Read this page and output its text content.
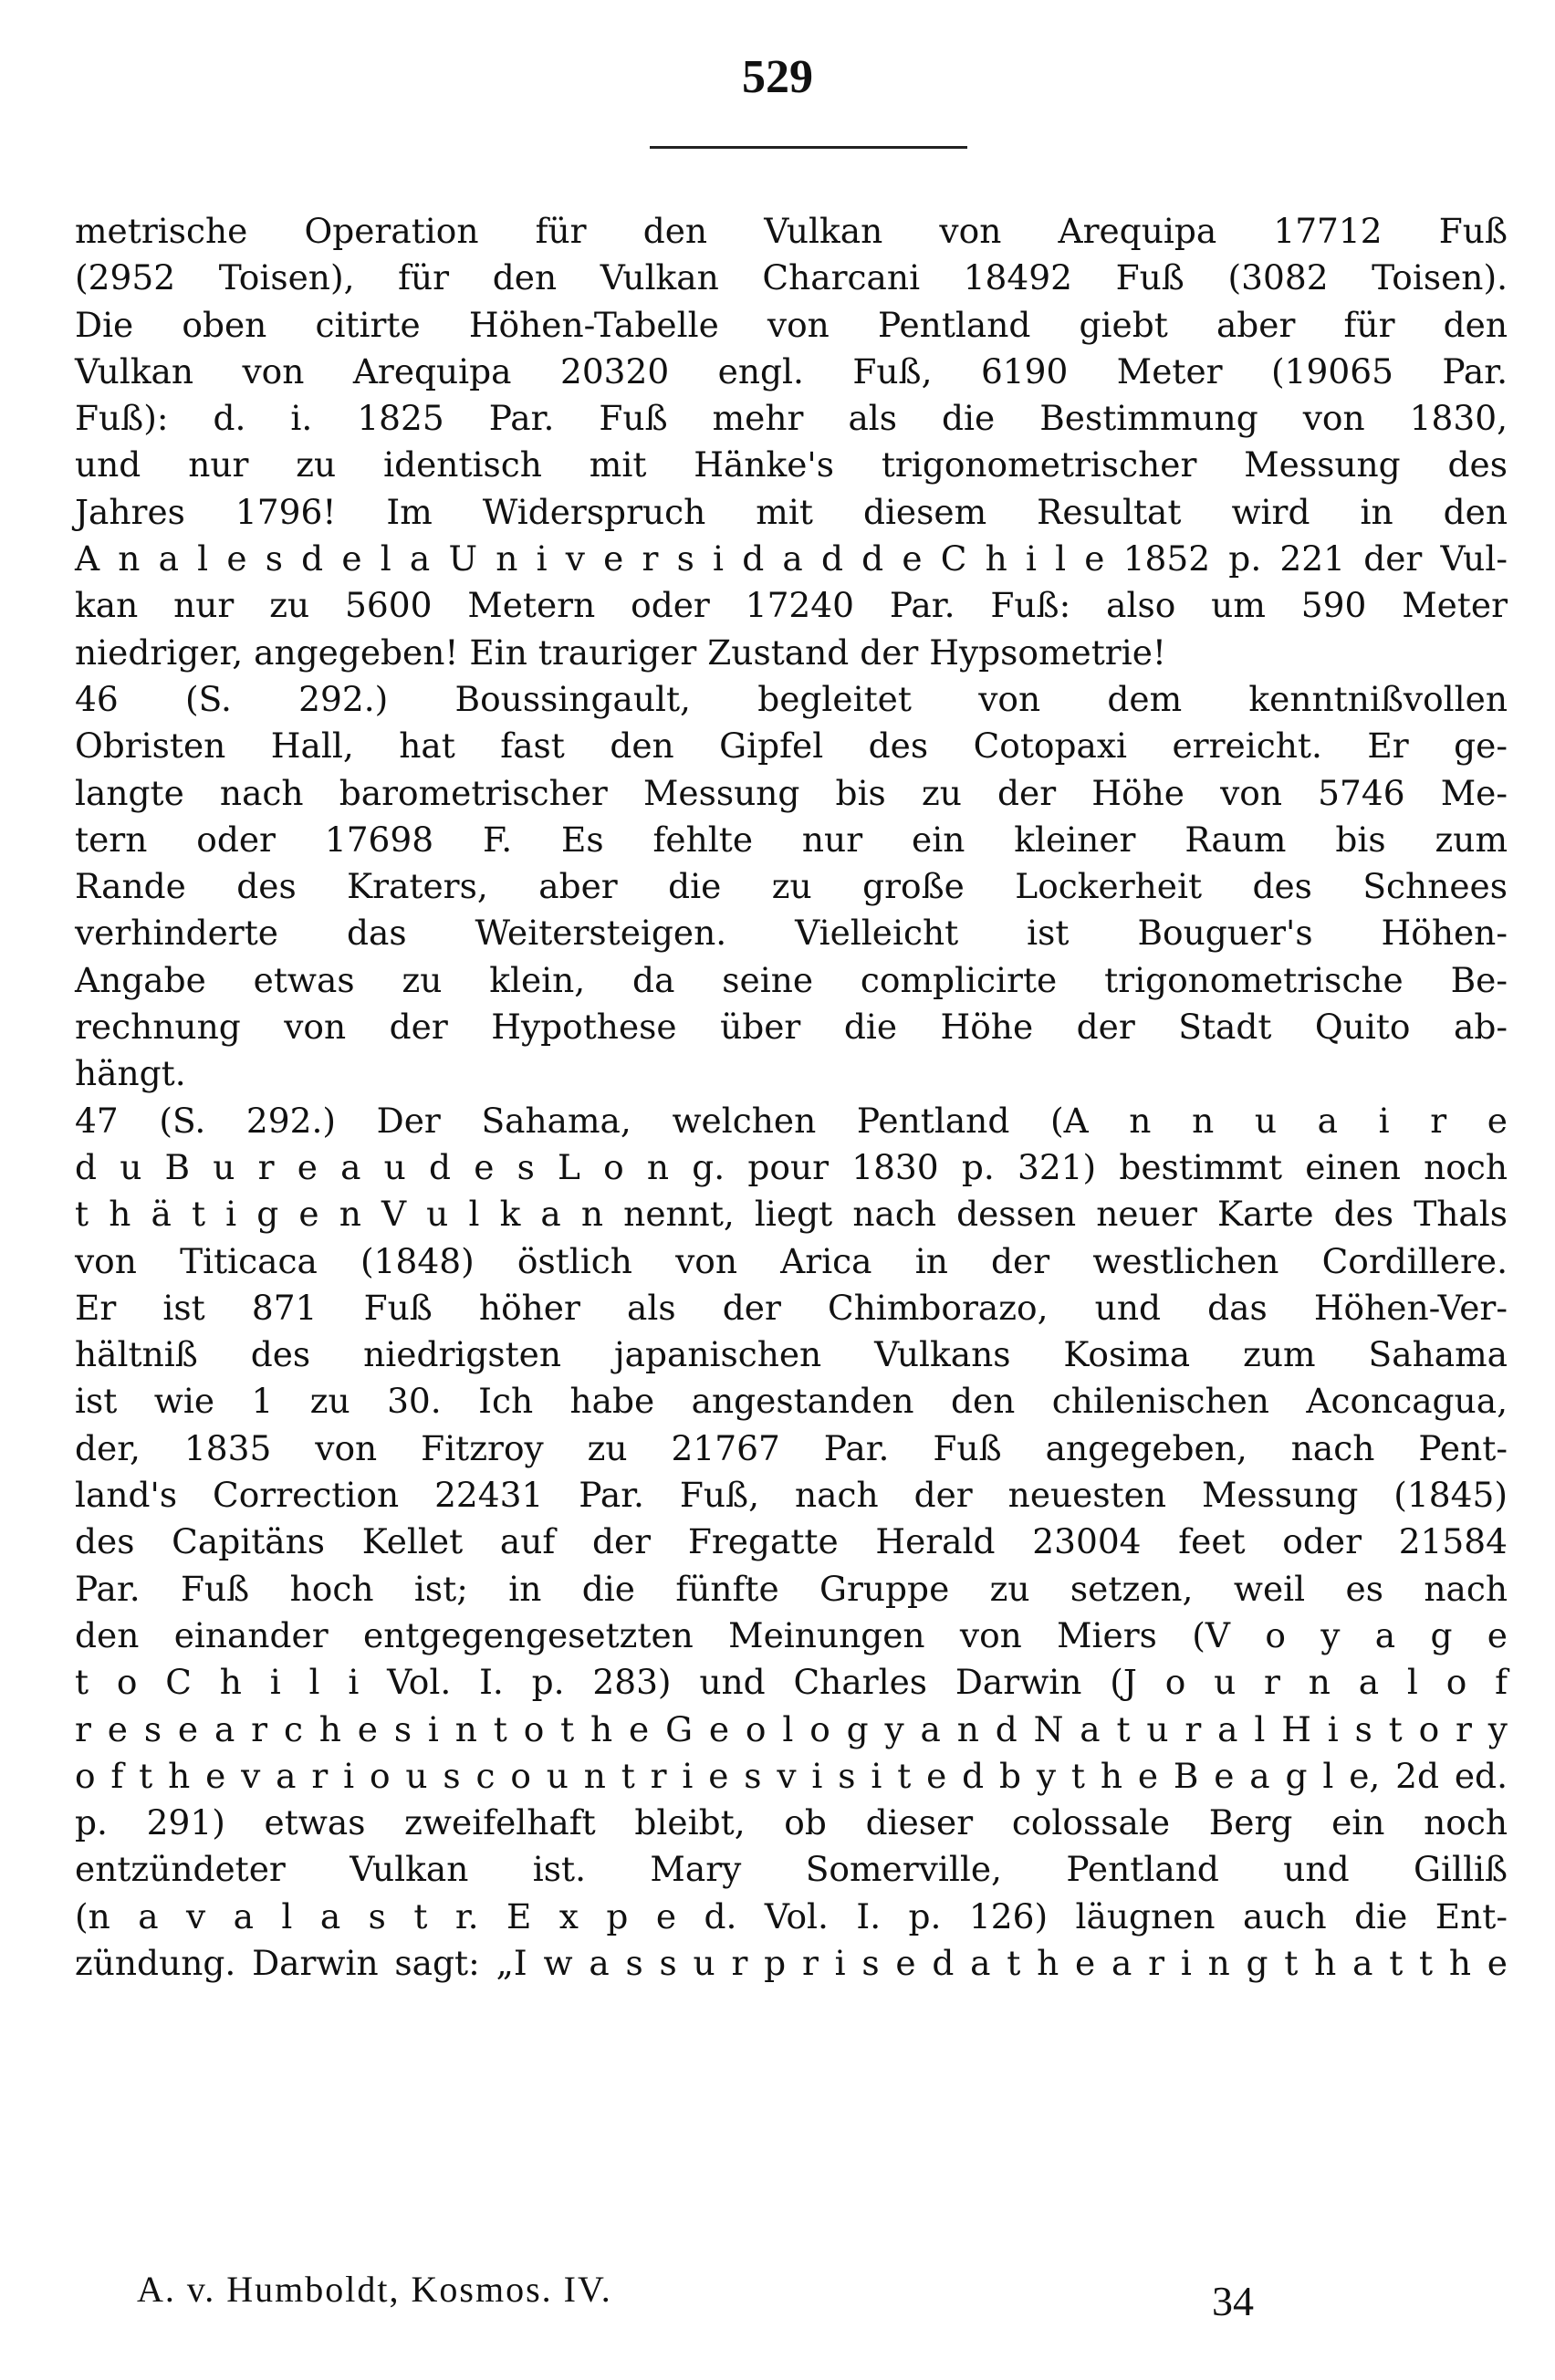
529
metrische Operation für den Vulkan von Arequipa 17712 Fuß
(2952 Toisen), für den Vulkan Charcani 18492 Fuß (3082 Toisen).
Die oben citirte Höhen-Tabelle von Pentland giebt aber für den
Vulkan von Arequipa 20320 engl. Fuß, 6190 Meter (19065 Par.
Fuß): d. i. 1825 Par. Fuß mehr als die Bestimmung von 1830,
und nur zu identisch mit Hänke's trigonometrischer Messung des
Jahres 1796! Im Widerspruch mit diesem Resultat wird in den
A n a l e s d e l a U n i v e r s i d a d d e C h i l e 1852 p. 221 der Vul-
kan nur zu 5600 Metern oder 17240 Par. Fuß: also um 590 Meter
niedriger, angegeben! Ein trauriger Zustand der Hypsometrie!
46 (S. 292.) Boussingault, begleitet von dem kenntnißvollen
Obristen Hall, hat fast den Gipfel des Cotopaxi erreicht. Er ge-
langte nach barometrischer Messung bis zu der Höhe von 5746 Me-
tern oder 17698 F. Es fehlte nur ein kleiner Raum bis zum
Rande des Kraters, aber die zu große Lockerheit des Schnees
verhinderte das Weitersteigen. Vielleicht ist Bouguer's Höhen-
Angabe etwas zu klein, da seine complicirte trigonometrische Be-
rechnung von der Hypothese über die Höhe der Stadt Quito ab-
hängt.
47 (S. 292.) Der Sahama, welchen Pentland (A n n u a i r e
d u B u r e a u d e s L o n g. pour 1830 p. 321) bestimmt einen noch
t h ä t i g e n V u l k a n nennt, liegt nach dessen neuer Karte des Thals
von Titicaca (1848) östlich von Arica in der westlichen Cordillere.
Er ist 871 Fuß höher als der Chimborazo, und das Höhen-Ver-
hältniß des niedrigsten japanischen Vulkans Kosima zum Sahama
ist wie 1 zu 30. Ich habe angestanden den chilenischen Aconcagua,
der, 1835 von Fitzroy zu 21767 Par. Fuß angegeben, nach Pent-
land's Correction 22431 Par. Fuß, nach der neuesten Messung (1845)
des Capitäns Kellet auf der Fregatte Herald 23004 feet oder 21584
Par. Fuß hoch ist; in die fünfte Gruppe zu setzen, weil es nach
den einander entgegengesetzten Meinungen von Miers (V o y a g e
t o C h i l i Vol. I. p. 283) und Charles Darwin (J o u r n a l o f
r e s e a r c h e s i n t o t h e G e o l o g y a n d N a t u r a l H i s t o r y
o f t h e v a r i o u s c o u n t r i e s v i s i t e d b y t h e B e a g l e, 2d ed.
p. 291) etwas zweifelhaft bleibt, ob dieser colossale Berg ein noch
entzündeter Vulkan ist. Mary Somerville, Pentland und Gilliß
(n a v a l a s t r. E x p e d. Vol. I. p. 126) läugnen auch die Ent-
zündung. Darwin sagt: „I w a s s u r p r i s e d a t h e a r i n g t h a t t h e
A. v. Humboldt, Kosmos. IV.	34
